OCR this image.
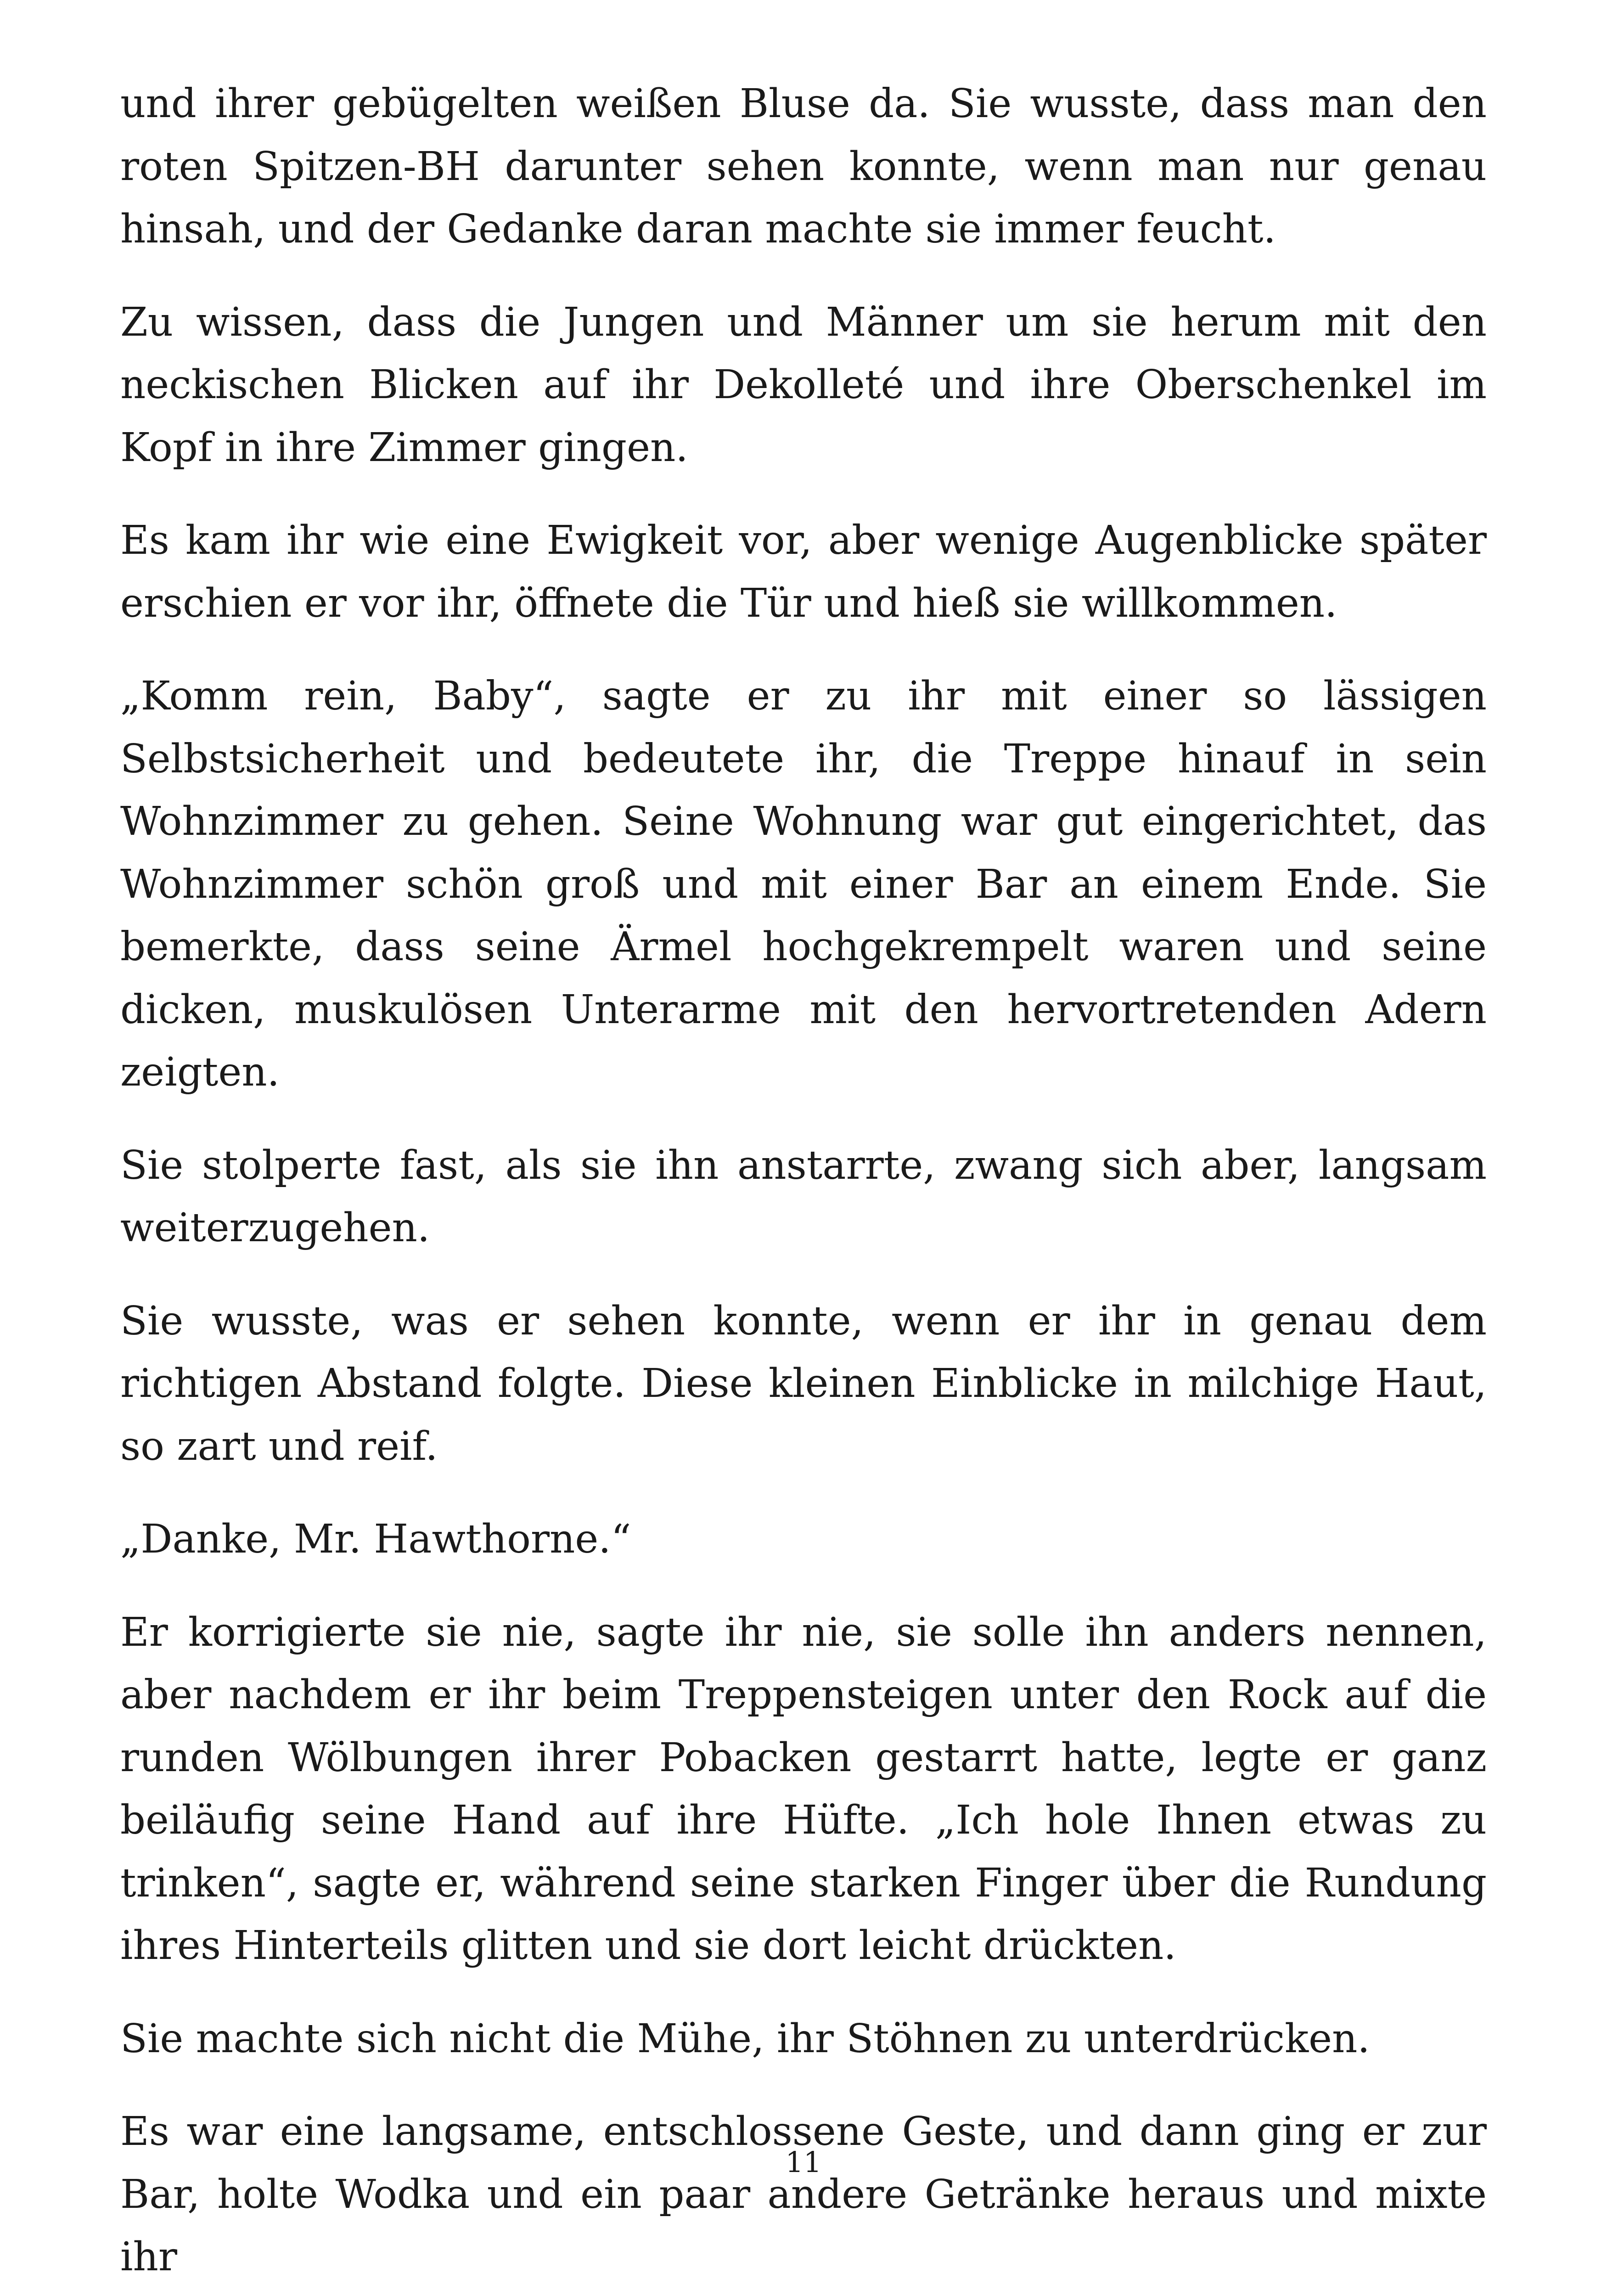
und ihrer gebügelten weißen Bluse da. Sie wusste, dass man den roten Spitzen-BH darunter sehen konnte, wenn man nur genau hinsah, und der Gedanke daran machte sie immer feucht.

Zu wissen, dass die Jungen und Männer um sie herum mit den neckischen Blicken auf ihr Dekolleté und ihre Oberschenkel im Kopf in ihre Zimmer gingen.

Es kam ihr wie eine Ewigkeit vor, aber wenige Augenblicke später erschien er vor ihr, öffnete die Tür und hieß sie willkommen.

„Komm rein, Baby“, sagte er zu ihr mit einer so lässigen Selbstsicherheit und bedeutete ihr, die Treppe hinauf in sein Wohnzimmer zu gehen. Seine Wohnung war gut eingerichtet, das Wohnzimmer schön groß und mit einer Bar an einem Ende. Sie bemerkte, dass seine Ärmel hochgekrempelt waren und seine dicken, muskulösen Unterarme mit den hervortretenden Adern zeigten.

Sie stolperte fast, als sie ihn anstarrte, zwang sich aber, langsam weiterzugehen.

Sie wusste, was er sehen konnte, wenn er ihr in genau dem richtigen Abstand folgte. Diese kleinen Einblicke in milchige Haut, so zart und reif.

„Danke, Mr. Hawthorne.“

Er korrigierte sie nie, sagte ihr nie, sie solle ihn anders nennen, aber nachdem er ihr beim Treppensteigen unter den Rock auf die runden Wölbungen ihrer Pobacken gestarrt hatte, legte er ganz beiläufig seine Hand auf ihre Hüfte. „Ich hole Ihnen etwas zu trinken“, sagte er, während seine starken Finger über die Rundung ihres Hinterteils glitten und sie dort leicht drückten.

Sie machte sich nicht die Mühe, ihr Stöhnen zu unterdrücken.

Es war eine langsame, entschlossene Geste, und dann ging er zur Bar, holte Wodka und ein paar andere Getränke heraus und mixte ihr

11
